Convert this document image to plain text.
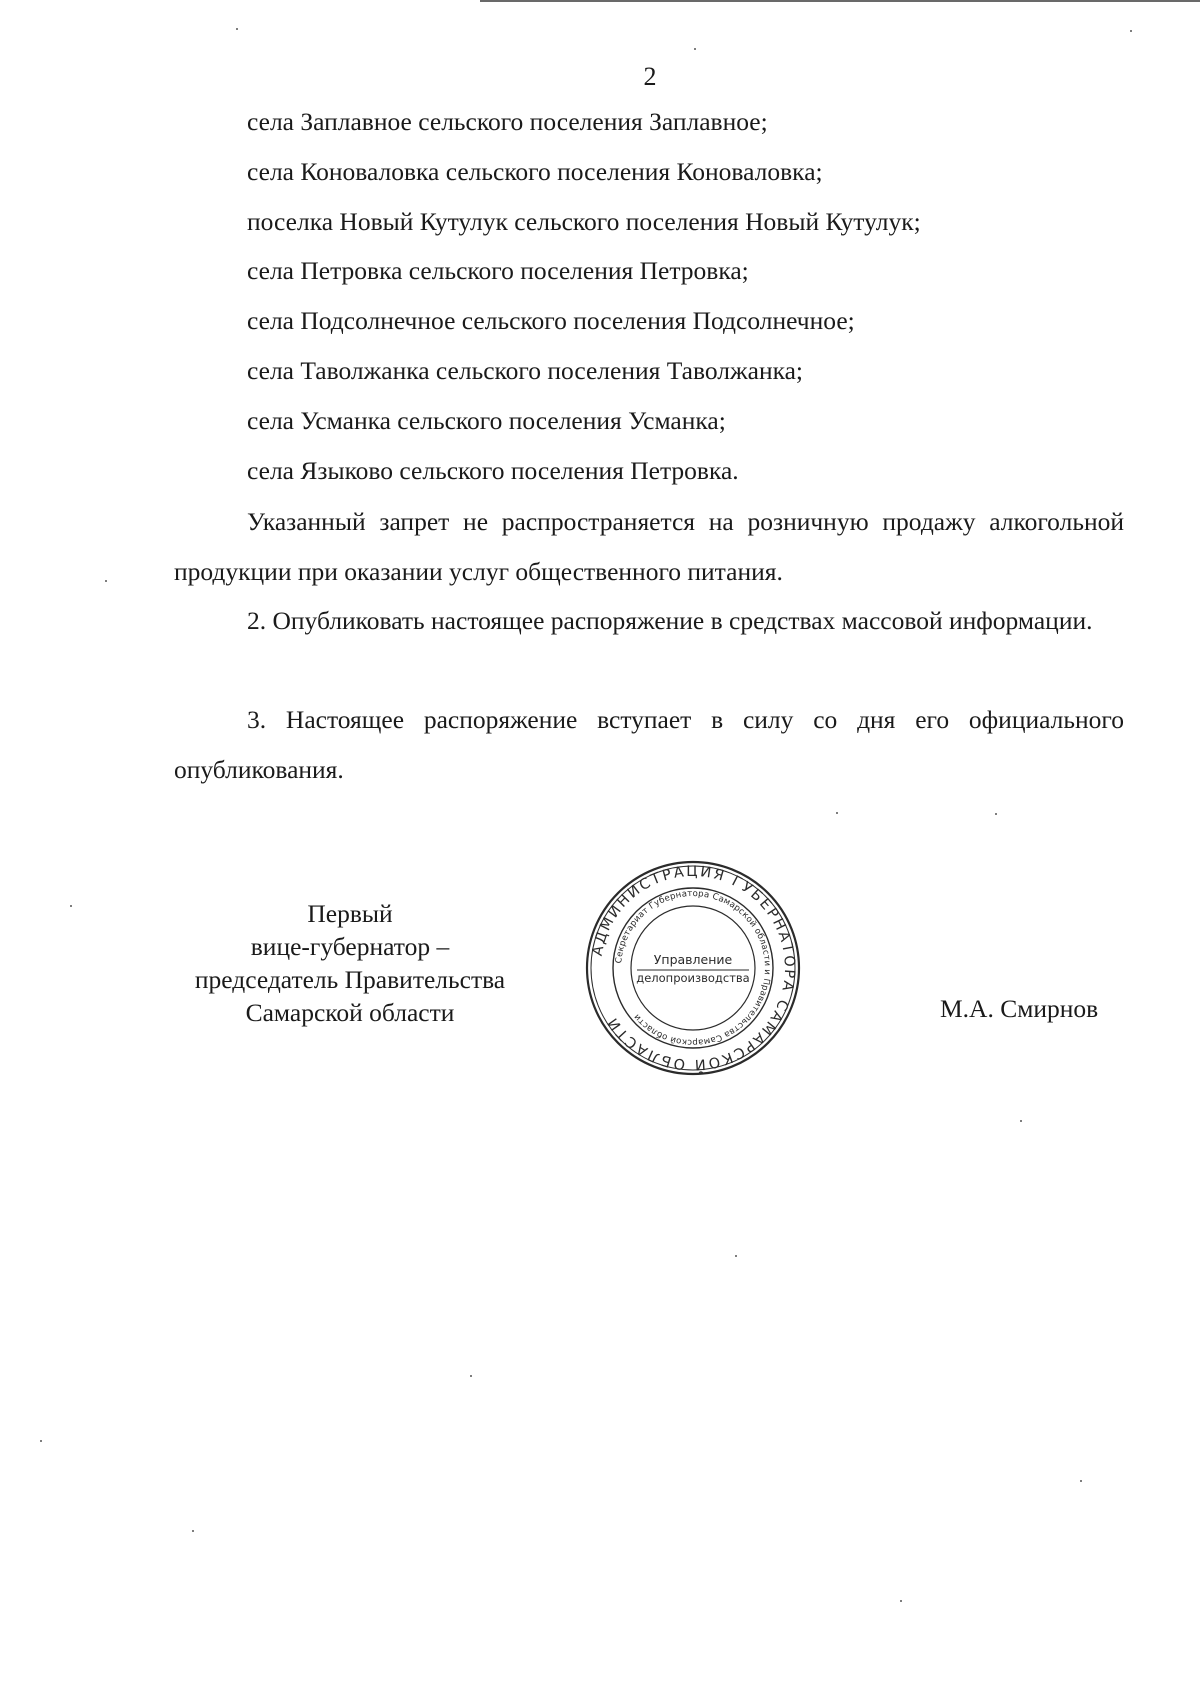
2
села Заплавное сельского поселения Заплавное;
села Коноваловка сельского поселения Коноваловка;
поселка Новый Кутулук сельского поселения Новый Кутулук;
села Петровка сельского поселения Петровка;
села Подсолнечное сельского поселения Подсолнечное;
села Таволжанка сельского поселения Таволжанка;
села Усманка сельского поселения Усманка;
села Языково сельского поселения Петровка.

Указанный запрет не распространяется на розничную продажу алкогольной продукции при оказании услуг общественного питания.

2. Опубликовать настоящее распоряжение в средствах массовой информации.

3. Настоящее распоряжение вступает в силу со дня его официального опубликования.

Первый
вице-губернатор –
председатель Правительства
Самарской области
АДМИНИСТРАЦИЯ ГУБЕРНАТОРА САМАРСКОЙ ОБЛАСТИ
Секретариат Губернатора Самарской области и Правительства Самарской области
Управление
делопроизводства
М.А. Смирнов
